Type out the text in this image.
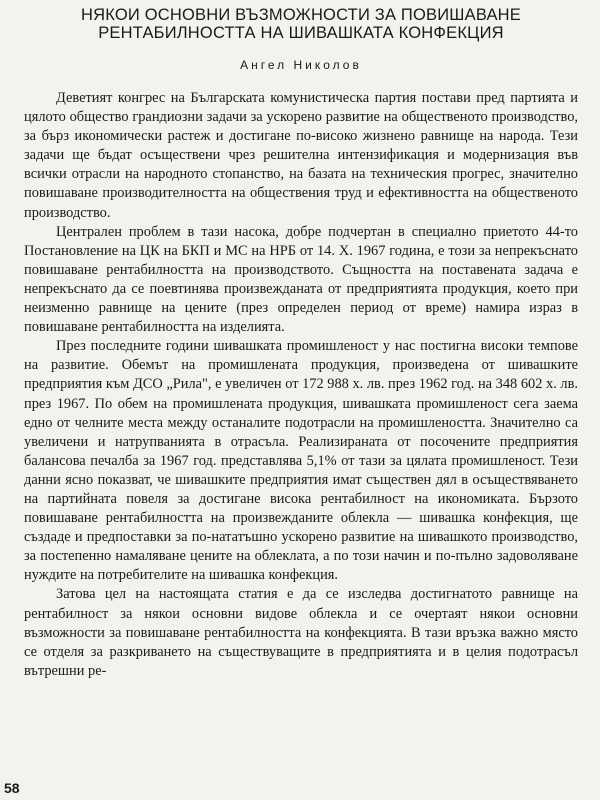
НЯКОИ ОСНОВНИ ВЪЗМОЖНОСТИ ЗА ПОВИШАВАНЕ РЕНТАБИЛНОСТТА НА ШИВАШКАТА КОНФЕКЦИЯ
Ангел Николов

Деветият конгрес на Българската комунистическа партия постави пред партията и цялото общество грандиозни задачи за ускорено развитие на общественото производство, за бърз икономически растеж и достигане по-високо жизнено равнище на народа. Тези задачи ще бъдат осъществени чрез решителна интензификация и модернизация във всички отрасли на народното стопанство, на базата на техническия прогрес, значително повишаване производителността на обществения труд и ефективността на общественото производство.

Централен проблем в тази насока, добре подчертан в специално приетото 44-то Постановление на ЦК на БКП и МС на НРБ от 14. X. 1967 година, е този за непрекъснато повишаване рентабилността на производството. Същността на поставената задача е непрекъснато да се поевтинява произвежданата от предприятията продукция, което при неизменно равнище на цените (през определен период от време) намира израз в повишаване рентабилността на изделията.

През последните години шивашката промишленост у нас постигна високи темпове на развитие. Обемът на промишлената продукция, произведена от шивашките предприятия към ДСО „Рила", е увеличен от 172 988 х. лв. през 1962 год. на 348 602 х. лв. през 1967. По обем на промишлената продукция, шивашката промишленост сега заема едно от челните места между останалите подотрасли на промишлеността. Значително са увеличени и натрупванията в отрасъла. Реализираната от посочените предприятия балансова печалба за 1967 год. представлява 5,1% от тази за цялата промишленост. Тези данни ясно показват, че шивашките предприятия имат съществен дял в осъществяването на партийната повеля за достигане висока рентабилност на икономиката. Бързото повишаване рентабилността на произвежданите облекла — шивашка конфекция, ще създаде и предпоставки за по-нататъшно ускорено развитие на шивашкото производство, за постепенно намаляване цените на облеклата, а по този начин и по-пълно задоволяване нуждите на потребителите на шивашка конфекция.

Затова цел на настоящата статия е да се изследва достигнатото равнище на рентабилност за някои основни видове облекла и се очертаят някои основни възможности за повишаване рентабилността на конфекцията. В тази връзка важно място се отделя за разкриването на съществуващите в предприятията и в целия подотрасъл вътрешни ре-

58
